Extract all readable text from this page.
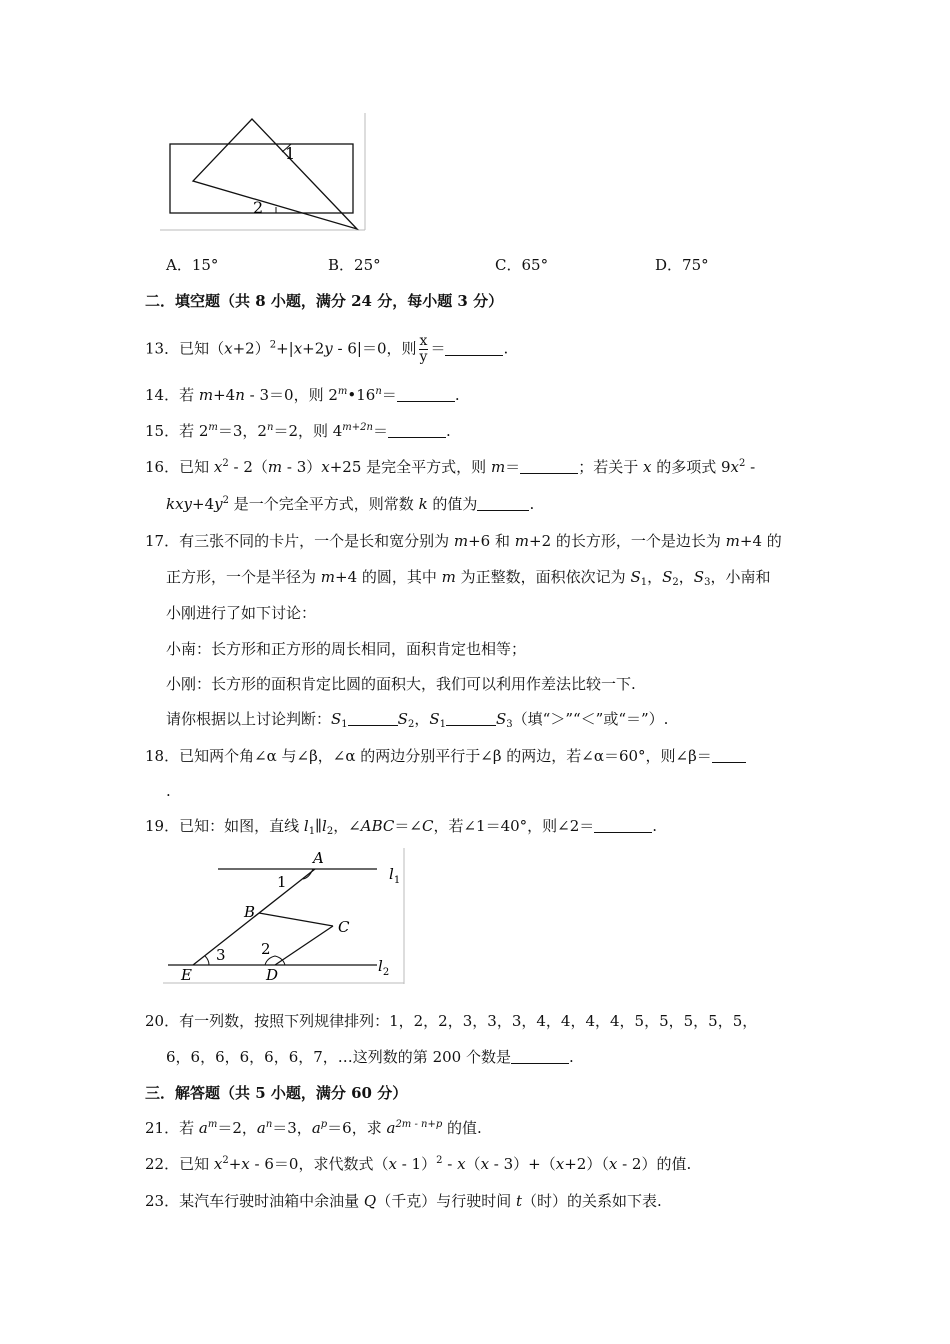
1
2
A．15°	B．25°	C．65°	D．75°
二．填空题（共 8 小题，满分 24 分，每小题 3 分）
13．已知$(x+2)^2+|x+2y - 6|=0$，则 $\frac{x}{y}$ ＝	.
14．若 m+4n - 3＝0，则 $2^m•16^n=$	.
15．若 $2^m=3$，$2^n=2$，则 $4^{m+2n}=$	.
16．已知 $x^2 - 2(m - 3)x+25$ 是完全平方式，则 m＝	；若关于 x 的多项式 $9x^2$ -
$kxy+4y^2$ 是一个完全平方式，则常数 k 的值为	.
17．有三张不同的卡片，一个是长和宽分别为 m+6 和 m+2 的长方形，一个是边长为 m+4 的
正方形，一个是半径为 m+4 的圆，其中 m 为正整数，面积依次记为 $S_1$，$S_2$，$S_3$，小南和
小刚进行了如下讨论：
小南：长方形和正方形的周长相同，面积肯定也相等；
小刚：长方形的面积肯定比圆的面积大，我们可以利用作差法比较一下.
请你根据以上讨论判断：$S_1$	$S_2$，$S_1$	$S_3$（填“＞”“＜”或“＝”）.
18．已知两个角∠α 与∠β，∠α 的两边分别平行于∠β 的两边，若∠α＝60°，则∠β＝
.
19．已知：如图，直线 $l_1\parallel l_2$，∠ABC＝∠C，若∠1＝40°，则∠2＝	.
A
1	$l_1$
B
C
2
3
$l_2$
E	D
20．有一列数，按照下列规律排列：1，2，2，3，3，3，4，4，4，4，5，5，5，5，5，
6，6，6，6，6，6，7，…这列数的第 200 个数是	.
三．解答题（共 5 小题，满分 60 分）
21．若 $a^m=2$，$a^n=3$，$a^p=6$，求 $a^{2m - n+p}$ 的值.
22．已知 $x^2+x - 6=0$，求代数式（x - 1）$^2$ - x（x - 3）+（x+2）（x - 2）的值.
23．某汽车行驶时油箱中余油量 Q（千克）与行驶时间 t（时）的关系如下表.
